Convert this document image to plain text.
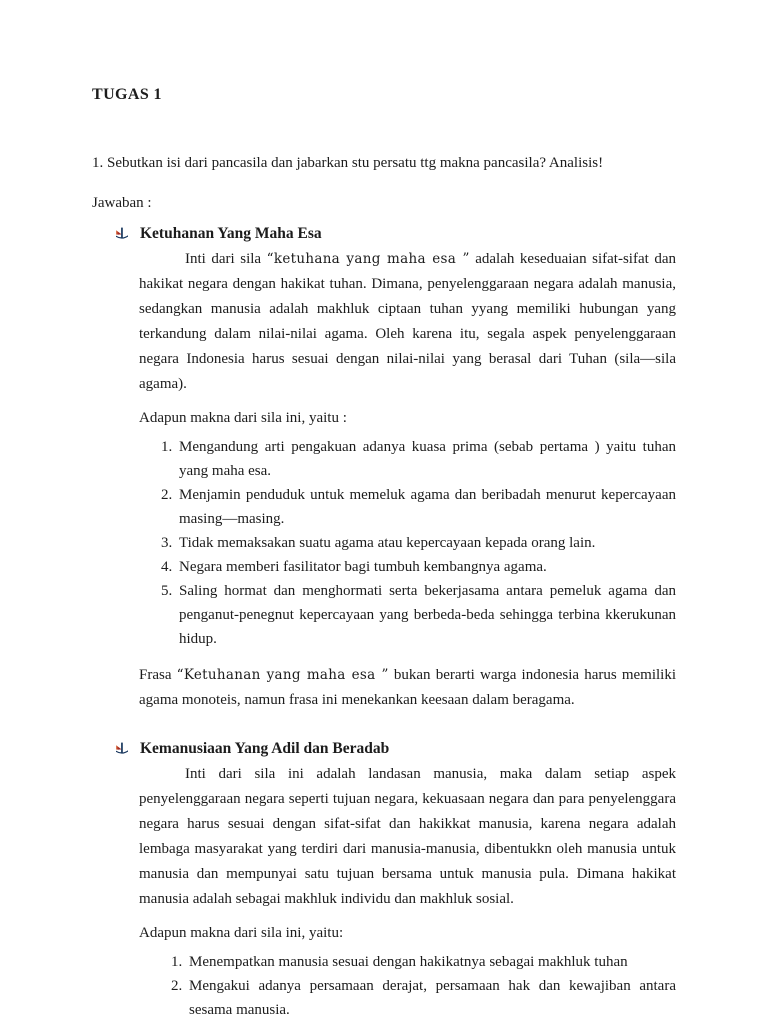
TUGAS 1

1. Sebutkan isi dari pancasila dan jabarkan stu persatu ttg makna pancasila? Analisis!

Jawaban :

Ketuhanan Yang Maha Esa

Inti dari sila “ketuhana yang maha esa ” adalah keseduaian sifat-sifat dan hakikat negara dengan hakikat tuhan. Dimana, penyelenggaraan negara adalah manusia, sedangkan manusia adalah makhluk ciptaan tuhan yyang memiliki hubungan yang terkandung dalam nilai-nilai agama. Oleh karena itu, segala aspek penyelenggaraan negara Indonesia harus sesuai dengan nilai-nilai yang berasal dari Tuhan (sila—sila agama).

Adapun makna dari sila ini, yaitu :

1. Mengandung arti pengakuan adanya kuasa prima (sebab pertama ) yaitu tuhan yang maha esa.
2. Menjamin penduduk untuk memeluk agama dan beribadah menurut kepercayaan masing—masing.
3. Tidak memaksakan suatu agama atau kepercayaan kepada orang lain.
4. Negara memberi fasilitator bagi tumbuh kembangnya agama.
5. Saling hormat dan menghormati serta bekerjasama antara pemeluk agama dan penganut-penegnut kepercayaan yang berbeda-beda sehingga terbina kkerukunan hidup.

Frasa “Ketuhanan yang maha esa ” bukan berarti warga indonesia harus memiliki agama monoteis, namun frasa ini menekankan keesaan dalam beragama.

Kemanusiaan Yang Adil dan Beradab

Inti dari sila ini adalah landasan manusia, maka dalam setiap aspek penyelenggaraan negara seperti tujuan negara, kekuasaan negara dan para penyelenggara negara harus sesuai dengan sifat-sifat dan hakikkat manusia, karena negara adalah lembaga masyarakat yang terdiri dari manusia-manusia, dibentukkn oleh manusia untuk manusia dan mempunyai satu tujuan bersama untuk manusia pula. Dimana hakikat manusia adalah sebagai makhluk individu dan makhluk sosial.

Adapun makna dari sila ini, yaitu:

1. Menempatkan manusia sesuai dengan hakikatnya sebagai makhluk tuhan
2. Mengakui adanya persamaan derajat, persamaan hak dan kewajiban antara sesama manusia.
